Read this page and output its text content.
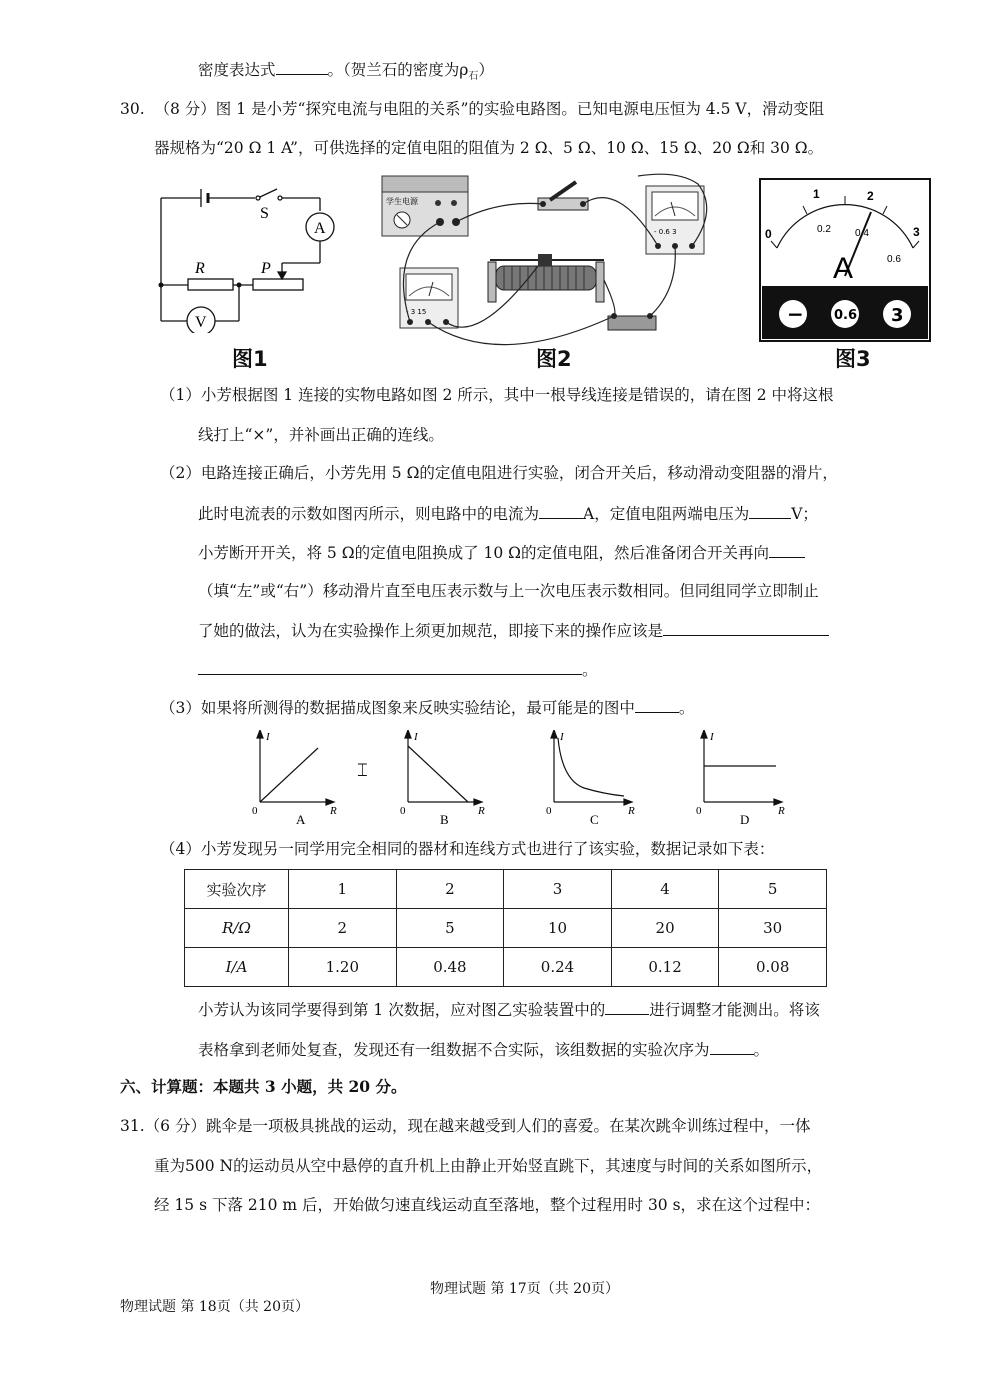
密度表达式	。（贺兰石的密度为$\rho_石$）
30. （8 分）图 1 是小芳“探究电流与电阻的关系”的实验电路图。已知电源电压恒为 4.5 V，滑动变阻
器规格为“20 Ω 1 A”，可供选择的定值电阻的阻值为 2 Ω、5 Ω、10 Ω、15 Ω、20 Ω和 30 Ω。
S
A
V
R	P
图1
学生电源
- 3 15
- 0.6 3
图2
0
1	2
3
0.2 0.4
0.6
A
− 0.6 3
图3
（1）小芳根据图 1 连接的实物电路如图 2 所示，其中一根导线连接是错误的，请在图 2 中将这根
线打上“×”，并补画出正确的连线。
（2）电路连接正确后，小芳先用 5 Ω的定值电阻进行实验，闭合开关后，移动滑动变阻器的滑片，
此时电流表的示数如图丙所示，则电路中的电流为	A，定值电阻两端电压为	V；
小芳断开开关，将 5 Ω的定值电阻换成了 10 Ω的定值电阻，然后准备闭合开关再向
（填“左”或“右”）移动滑片直至电压表示数与上一次电压表示数相同。但同组同学立即制止
了她的做法，认为在实验操作上须更加规范，即接下来的操作应该是
。
（3）如果将所测得的数据描成图象来反映实验结论，最可能是的图中	。
I
R
0
A
⌶
I
R
0
B
I
R
0
C
I
R
0
D
（4）小芳发现另一同学用完全相同的器材和连线方式也进行了该实验，数据记录如下表：
实验次序	1	2	3	4	5
R/Ω	2	5	10	20	30
I/A	1.20	0.48	0.24	0.12	0.08
小芳认为该同学要得到第 1 次数据，应对图乙实验装置中的	进行调整才能测出。将该
表格拿到老师处复查，发现还有一组数据不合实际，该组数据的实验次序为	。
六、计算题：本题共 3 小题，共 20 分。
31.（6 分）跳伞是一项极具挑战的运动，现在越来越受到人们的喜爱。在某次跳伞训练过程中，一体
重为500 N的运动员从空中悬停的直升机上由静止开始竖直跳下，其速度与时间的关系如图所示，
经 15 s 下落 210 m 后，开始做匀速直线运动直至落地，整个过程用时 30 s，求在这个过程中：
物理试题 第 17页（共 20页）
物理试题 第 18页（共 20页）
